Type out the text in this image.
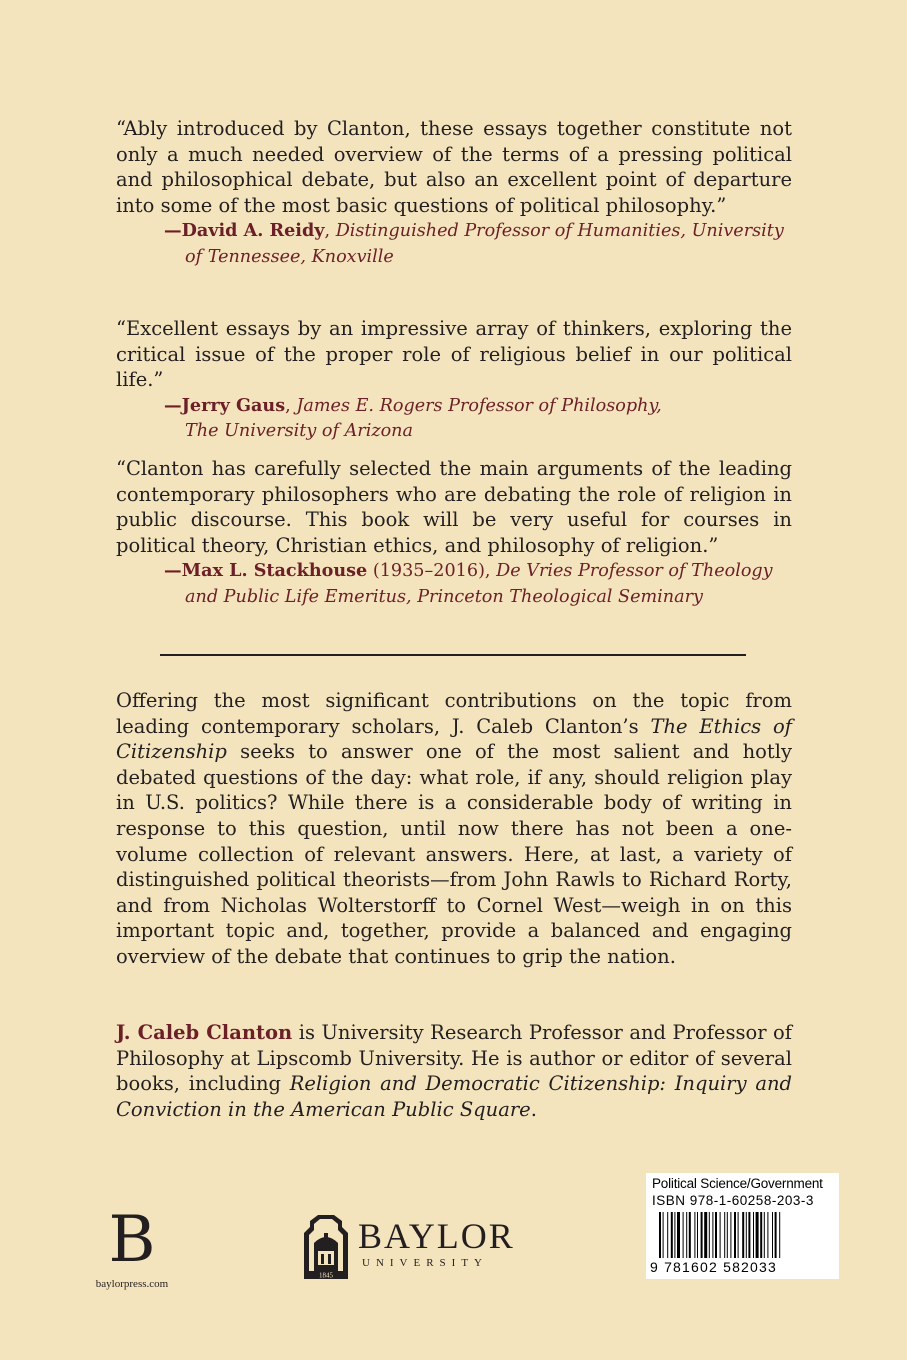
“Ably introduced by Clanton, these essays together constitute not only a much needed overview of the terms of a pressing political and philosophical debate, but also an excellent point of departure into some of the most basic questions of political philosophy.”
—David A. Reidy, Distinguished Professor of Humanities, University
of Tennessee, Knoxville
“Excellent essays by an impressive array of thinkers, exploring the critical issue of the proper role of religious belief in our political life.”
—Jerry Gaus, James E. Rogers Professor of Philosophy,
The University of Arizona
“Clanton has carefully selected the main arguments of the leading contemporary philosophers who are debating the role of religion in public discourse. This book will be very useful for courses in political theory, Christian ethics, and philosophy of religion.”
—Max L. Stackhouse (1935–2016), De Vries Professor of Theology
and Public Life Emeritus, Princeton Theological Seminary
Offering the most significant contributions on the topic from leading contemporary scholars, J. Caleb Clanton’s The Ethics of Citizenship seeks to answer one of the most salient and hotly debated questions of the day: what role, if any, should religion play in U.S. politics? While there is a considerable body of writing in response to this question, until now there has not been a one-volume collection of relevant answers. Here, at last, a variety of distinguished political theorists—from John Rawls to Richard Rorty, and from Nicholas Wolterstorff to Cornel West—weigh in on this important topic and, together, provide a balanced and engaging overview of the debate that continues to grip the nation.
J. Caleb Clanton is University Research Professor and Professor of Philosophy at Lipscomb University. He is author or editor of several books, including Religion and Democratic Citizenship: Inquiry and Conviction in the American Public Square.
B
baylorpress.com
1845
BAYLOR
UNIVERSITY
Political Science/Government
ISBN 978-1-60258-203-3
9 781602 582033
